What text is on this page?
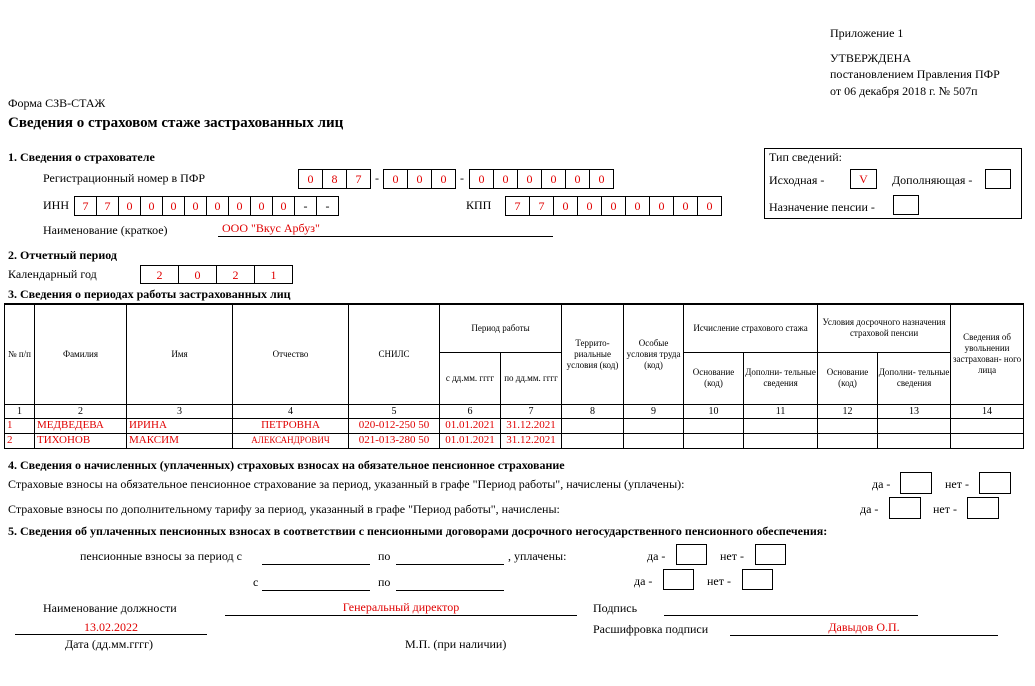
Приложение 1
УТВЕРЖДЕНА
постановлением Правления ПФР
от 06 декабря 2018 г. № 507п
Форма СЗВ-СТАЖ
Сведения о страховом стаже застрахованных лиц
1. Сведения о страхователе
Регистрационный номер в ПФР	0	8	7	-	0	0	0	-	0	0	0	0	0	0
ИНН	7	7	0	0	0	0	0	0	0	0	-	-	КПП	7	7	0	0	0	0	0	0	0
Наименование (краткое)	ООО "Вкус Арбуз"
Тип сведений:
Исходная -	V	Дополняющая -
Назначение пенсии -
2. Отчетный период
Календарный год	2	0	2	1
3. Сведения о периодах работы застрахованных лиц
№ п/п	Фамилия	Имя	Отчество	СНИЛС	Период работы		Террито- риальные условия (код)	Особые условия труда (код)	Исчисление страхового стажа		Условия досрочного назначения страховой пенсии		Сведения об увольнении застрахован- ного лица
					с дд.мм. гггг	по дд.мм. гггг			Основание (код)	Дополни- тельные сведения	Основание (код)	Дополни- тельные сведения	
1	2	3	4	5	6	7	8	9	10	11	12	13	14
1	МЕДВЕДЕВА	ИРИНА	ПЕТРОВНА	020-012-250 50	01.01.2021	31.12.2021							
2	ТИХОНОВ	МАКСИМ	АЛЕКСАНДРОВИЧ	021-013-280 50	01.01.2021	31.12.2021							
4. Сведения о начисленных (уплаченных) страховых взносах на обязательное пенсионное страхование
Страховые взносы на обязательное пенсионное страхование за период, указанный в графе "Период работы", начислены (уплачены):	да -	нет -
Страховые взносы по дополнительному тарифу за период, указанный в графе "Период работы", начислены:	да -	нет -
5. Сведения об уплаченных пенсионных взносах в соответствии с пенсионными договорами досрочного негосударственного пенсионного обеспечения:
пенсионные взносы за период с	по	, уплачены:	да -	нет -
с	по	да -	нет -
Наименование должности	Генеральный директор	Подпись
13.02.2022
Дата (дд.мм.гггг)	М.П. (при наличии)
Расшифровка подписи	Давыдов О.П.
